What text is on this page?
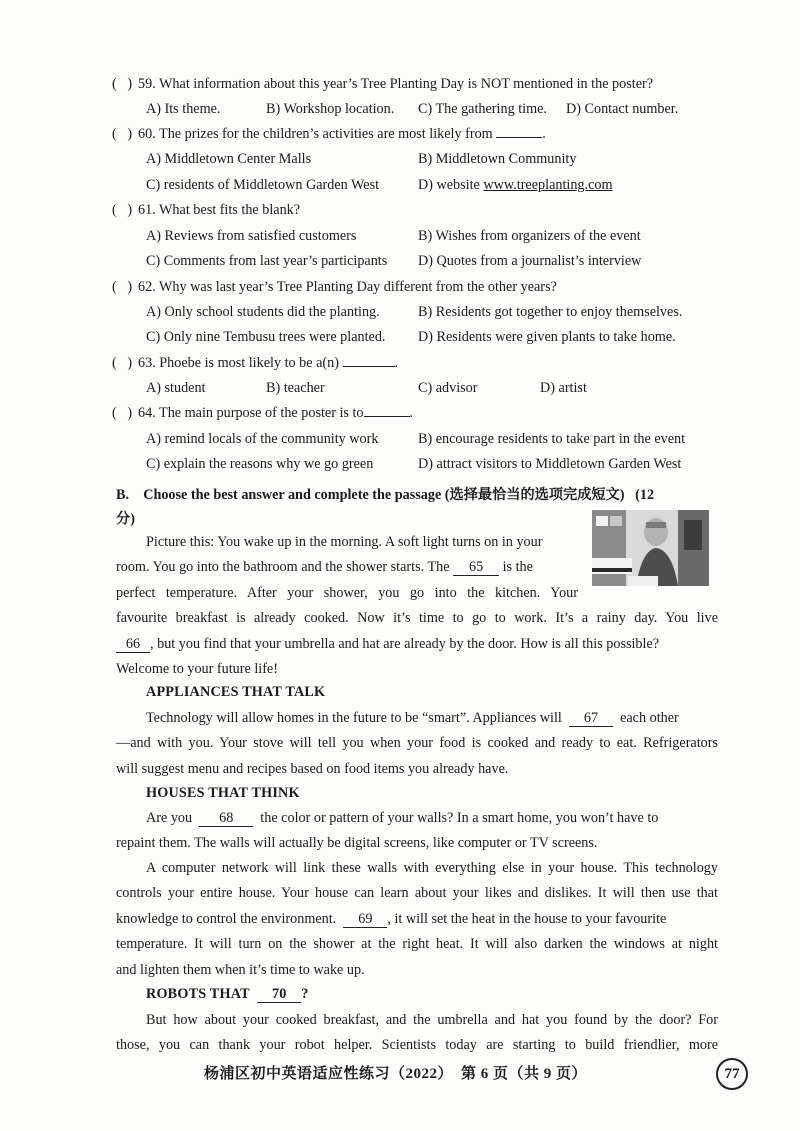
(   ) 59. What information about this year’s Tree Planting Day is NOT mentioned in the poster?
A) Its theme.	B) Workshop location. C) The gathering time. D) Contact number.
(   ) 60. The prizes for the children’s activities are most likely from	.
A) Middletown Center Malls	B) Middletown Community
C) residents of Middletown Garden West	D) website www.treeplanting.com
(   ) 61. What best fits the blank?
A) Reviews from satisfied customers	B) Wishes from organizers of the event
C) Comments from last year’s participants D) Quotes from a journalist’s interview
(   ) 62. Why was last year’s Tree Planting Day different from the other years?
A) Only school students did the planting.	B) Residents got together to enjoy themselves.
C) Only nine Tembusu trees were planted. D) Residents were given plants to take home.
(   ) 63. Phoebe is most likely to be a(n)	.
A) student	B) teacher	C) advisor	D) artist
(   ) 64. The main purpose of the poster is to	.
A) remind locals of the community work	B) encourage residents to take part in the event
C) explain the reasons why we go green	D) attract visitors to Middletown Garden West
B. Choose the best answer and complete the passage (选择最恰当的选项完成短文) (12
分)
Picture this: You wake up in the morning. A soft light turns on in your
room. You go into the bathroom and the shower starts. The 65 is the
perfect temperature. After your shower, you go into the kitchen. Your
favourite breakfast is already cooked. Now it’s time to go to work. It’s a rainy day. You live
66 , but you find that your umbrella and hat are already by the door. How is all this possible?
Welcome to your future life!
APPLIANCES THAT TALK
Technology will allow homes in the future to be “smart”. Appliances will 67 each other
—and with you. Your stove will tell you when your food is cooked and ready to eat. Refrigerators
will suggest menu and recipes based on food items you already have.
HOUSES THAT THINK
Are you 68 the color or pattern of your walls? In a smart home, you won’t have to
repaint them. The walls will actually be digital screens, like computer or TV screens.
A computer network will link these walls with everything else in your house. This technology
controls your entire house. Your house can learn about your likes and dislikes. It will then use that
knowledge to control the environment. 69 , it will set the heat in the house to your favourite
temperature. It will turn on the shower at the right heat. It will also darken the windows at night
and lighten them when it’s time to wake up.
ROBOTS THAT 70 ?
But how about your cooked breakfast, and the umbrella and hat you found by the door? For
those, you can thank your robot helper. Scientists today are starting to build friendlier, more
杨浦区初中英语适应性练习（2022）　第 6 页（共 9 页）	77
